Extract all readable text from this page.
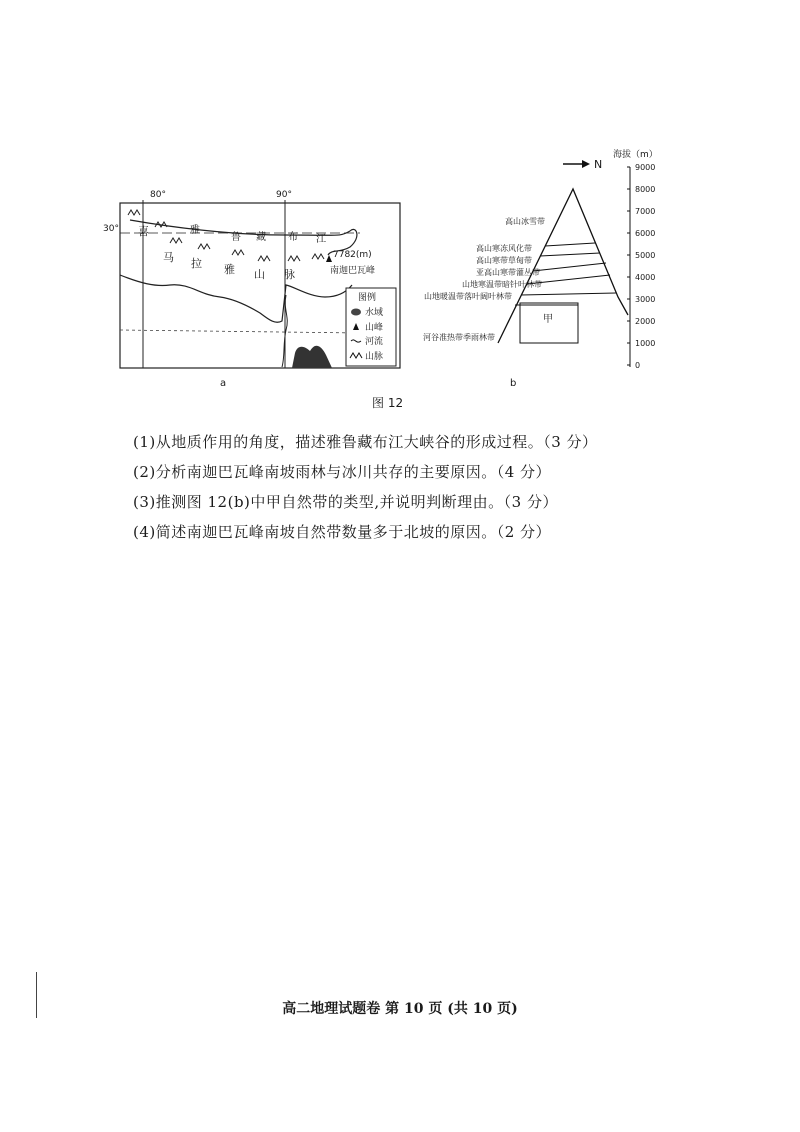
80°	90°
30°	雅
鲁 藏 布 江
喜
马 拉 雅 山 脉
7782(m)
南迦巴瓦峰
图例
水域
山峰
河流
山脉
a
N
海拔（m）
9000
8000
7000
6000
5000
4000
3000
2000
1000
0
甲
高山冰雪带
高山寒冻风化带
高山寒带草甸带
亚高山寒带灌丛带
山地寒温带暗针叶林带
山地暖温带落叶阔叶林带
河谷准热带季雨林带
b
图 12

(1)从地质作用的角度，描述雅鲁藏布江大峡谷的形成过程。（3 分）

(2)分析南迦巴瓦峰南坡雨林与冰川共存的主要原因。（4 分）

(3)推测图 12(b)中甲自然带的类型,并说明判断理由。（3 分）

(4)简述南迦巴瓦峰南坡自然带数量多于北坡的原因。（2 分）

高二地理试题卷 第 10 页 (共 10 页)
